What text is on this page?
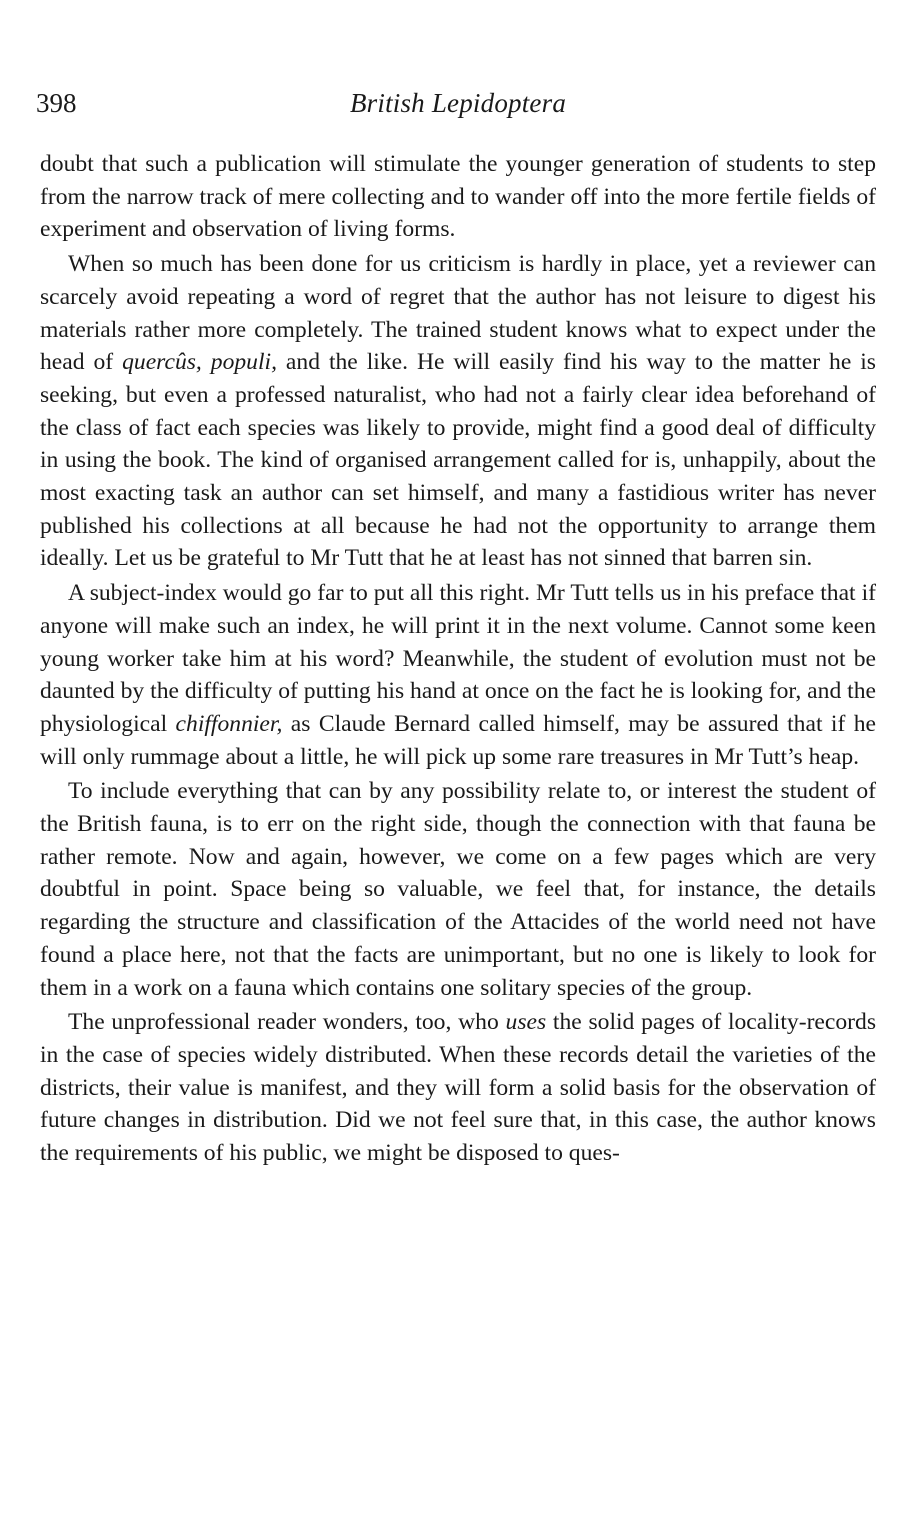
398	British Lepidoptera

doubt that such a publication will stimulate the younger generation of students to step from the narrow track of mere collecting and to wander off into the more fertile fields of experiment and observation of living forms.

When so much has been done for us criticism is hardly in place, yet a reviewer can scarcely avoid repeating a word of regret that the author has not leisure to digest his materials rather more completely. The trained student knows what to expect under the head of quercûs, populi, and the like. He will easily find his way to the matter he is seeking, but even a professed naturalist, who had not a fairly clear idea beforehand of the class of fact each species was likely to provide, might find a good deal of difficulty in using the book. The kind of organised arrangement called for is, unhappily, about the most exacting task an author can set himself, and many a fastidious writer has never published his collections at all because he had not the opportunity to arrange them ideally. Let us be grateful to Mr Tutt that he at least has not sinned that barren sin.

A subject-index would go far to put all this right. Mr Tutt tells us in his preface that if anyone will make such an index, he will print it in the next volume. Cannot some keen young worker take him at his word? Meanwhile, the student of evolution must not be daunted by the difficulty of putting his hand at once on the fact he is looking for, and the physiological chiffonnier, as Claude Bernard called himself, may be assured that if he will only rummage about a little, he will pick up some rare treasures in Mr Tutt’s heap.

To include everything that can by any possibility relate to, or interest the student of the British fauna, is to err on the right side, though the connection with that fauna be rather remote. Now and again, however, we come on a few pages which are very doubtful in point. Space being so valuable, we feel that, for instance, the details regarding the structure and classification of the Attacides of the world need not have found a place here, not that the facts are unimportant, but no one is likely to look for them in a work on a fauna which contains one solitary species of the group.

The unprofessional reader wonders, too, who uses the solid pages of locality-records in the case of species widely distributed. When these records detail the varieties of the districts, their value is manifest, and they will form a solid basis for the observation of future changes in distribution. Did we not feel sure that, in this case, the author knows the requirements of his public, we might be disposed to ques-
